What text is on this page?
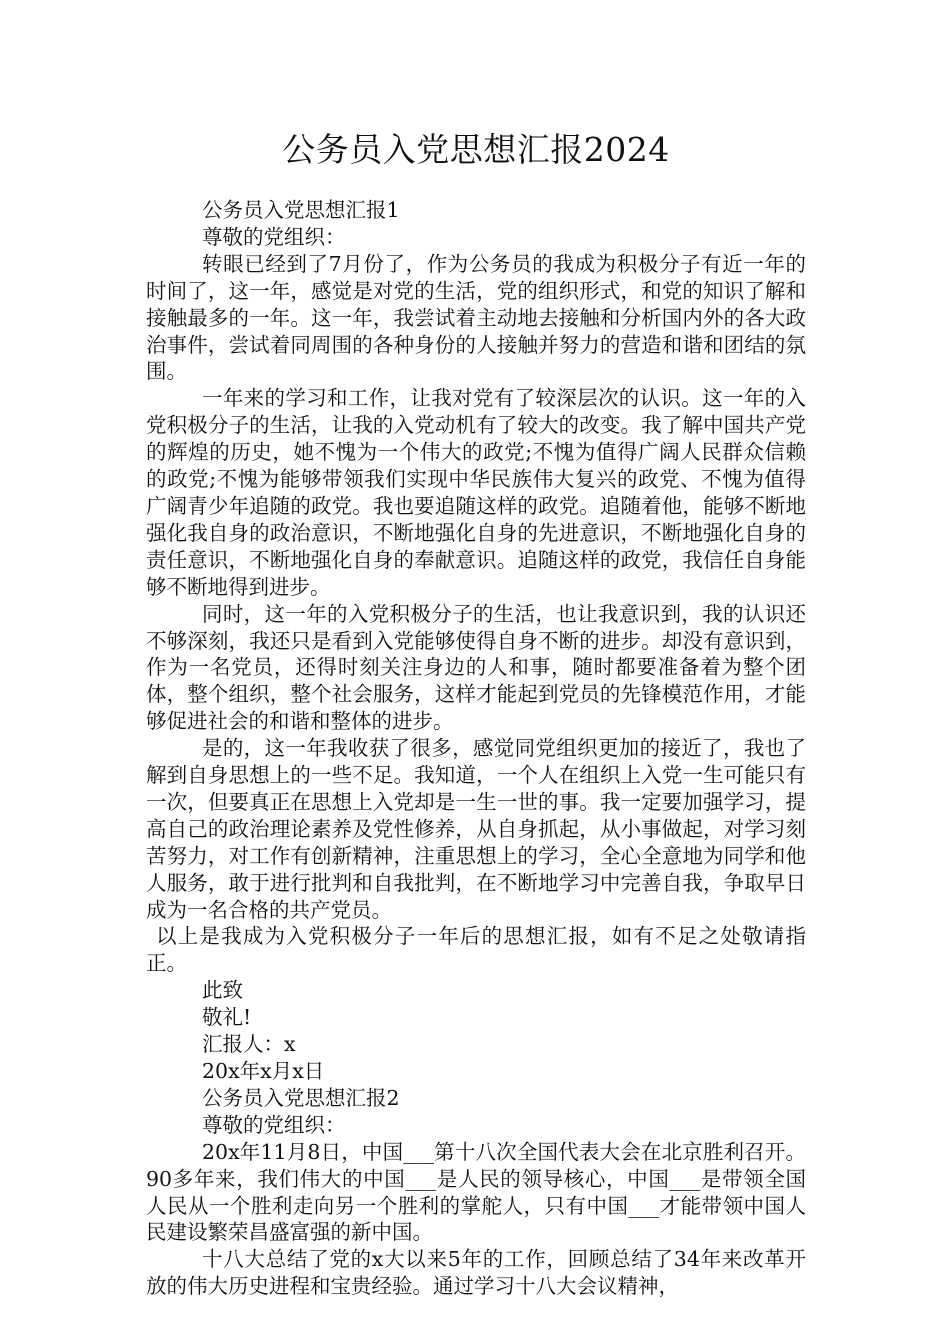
公务员入党思想汇报2024

公务员入党思想汇报1

尊敬的党组织：

转眼已经到了7月份了，作为公务员的我成为积极分子有近一年的时间了，这一年，感觉是对党的生活，党的组织形式，和党的知识了解和接触最多的一年。这一年，我尝试着主动地去接触和分析国内外的各大政治事件，尝试着同周围的各种身份的人接触并努力的营造和谐和团结的氛围。

一年来的学习和工作，让我对党有了较深层次的认识。这一年的入党积极分子的生活，让我的入党动机有了较大的改变。我了解中国共产党的辉煌的历史，她不愧为一个伟大的政党;不愧为值得广阔人民群众信赖的政党;不愧为能够带领我们实现中华民族伟大复兴的政党、不愧为值得广阔青少年追随的政党。我也要追随这样的政党。追随着他，能够不断地强化我自身的政治意识，不断地强化自身的先进意识，不断地强化自身的责任意识，不断地强化自身的奉献意识。追随这样的政党，我信任自身能够不断地得到进步。

同时，这一年的入党积极分子的生活，也让我意识到，我的认识还不够深刻，我还只是看到入党能够使得自身不断的进步。却没有意识到，作为一名党员，还得时刻关注身边的人和事，随时都要准备着为整个团体，整个组织，整个社会服务，这样才能起到党员的先锋模范作用，才能够促进社会的和谐和整体的进步。

是的，这一年我收获了很多，感觉同党组织更加的接近了，我也了解到自身思想上的一些不足。我知道，一个人在组织上入党一生可能只有一次，但要真正在思想上入党却是一生一世的事。我一定要加强学习，提高自己的政治理论素养及党性修养，从自身抓起，从小事做起，对学习刻苦努力，对工作有创新精神，注重思想上的学习，全心全意地为同学和他人服务，敢于进行批判和自我批判，在不断地学习中完善自我，争取早日成为一名合格的共产党员。

以上是我成为入党积极分子一年后的思想汇报，如有不足之处敬请指正。

此致

敬礼!

汇报人：x

20x年x月x日

公务员入党思想汇报2

尊敬的党组织：

20x年11月8日，中国___第十八次全国代表大会在北京胜利召开。90多年来，我们伟大的中国___是人民的领导核心，中国___是带领全国人民从一个胜利走向另一个胜利的掌舵人，只有中国___才能带领中国人民建设繁荣昌盛富强的新中国。

十八大总结了党的x大以来5年的工作，回顾总结了34年来改革开放的伟大历史进程和宝贵经验。通过学习十八大会议精神，
